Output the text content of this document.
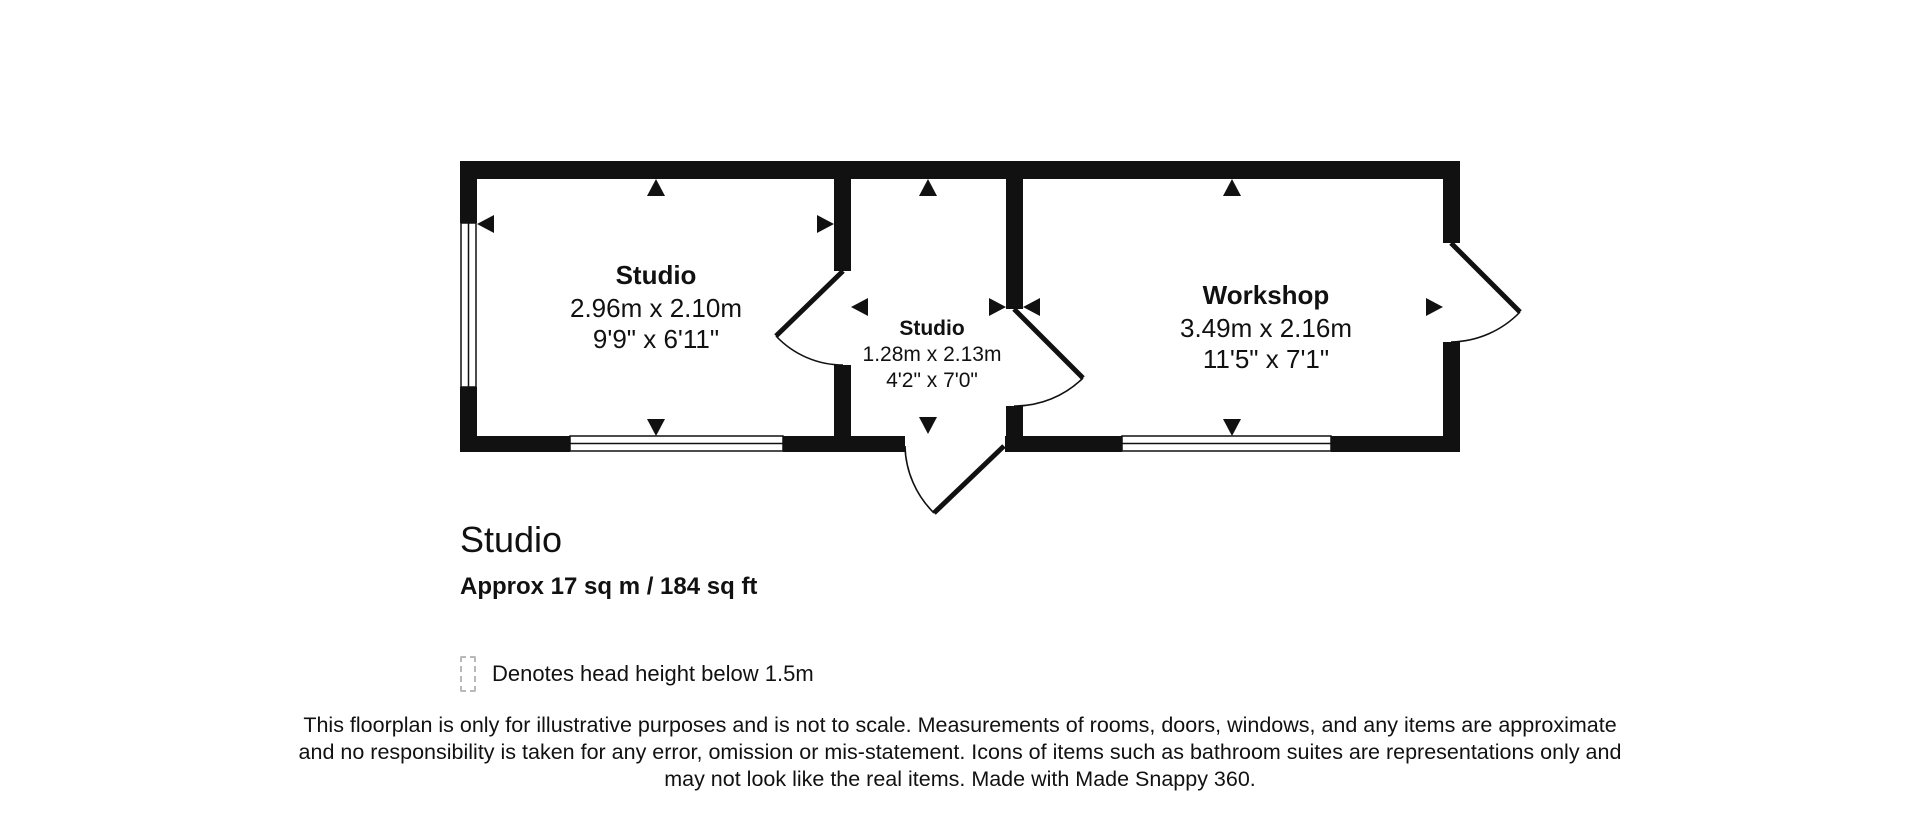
Studio
2.96m x 2.10m
9'9" x 6'11"	Studio
1.28m x 2.13m
4'2" x 7'0"
Workshop
3.49m x 2.16m
11'5" x 7'1"
Studio
Approx 17 sq m / 184 sq ft
Denotes head height below 1.5m
This floorplan is only for illustrative purposes and is not to scale. Measurements of rooms, doors, windows, and any items are approximate
and no responsibility is taken for any error, omission or mis-statement. Icons of items such as bathroom suites are representations only and
may not look like the real items. Made with Made Snappy 360.
